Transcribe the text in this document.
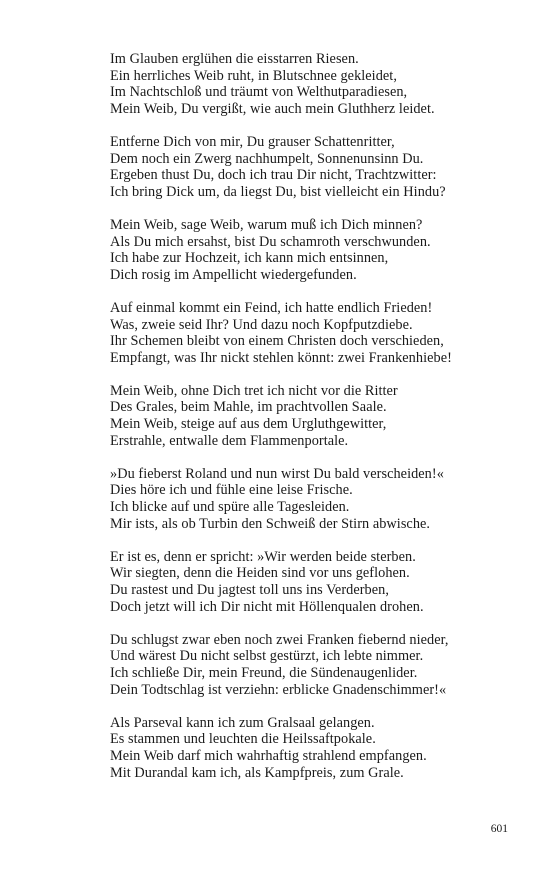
Im Glauben erglühen die eisstarren Riesen.
Ein herrliches Weib ruht, in Blutschnee gekleidet,
Im Nachtschloß und träumt von Welthutparadiesen,
Mein Weib, Du vergißt, wie auch mein Gluthherz leidet.
Entferne Dich von mir, Du grauser Schattenritter,
Dem noch ein Zwerg nachhumpelt, Sonnenunsinn Du.
Ergeben thust Du, doch ich trau Dir nicht, Trachtzwitter:
Ich bring Dick um, da liegst Du, bist vielleicht ein Hindu?
Mein Weib, sage Weib, warum muß ich Dich minnen?
Als Du mich ersahst, bist Du schamroth verschwunden.
Ich habe zur Hochzeit, ich kann mich entsinnen,
Dich rosig im Ampellicht wiedergefunden.
Auf einmal kommt ein Feind, ich hatte endlich Frieden!
Was, zweie seid Ihr? Und dazu noch Kopfputzdiebe.
Ihr Schemen bleibt von einem Christen doch verschieden,
Empfangt, was Ihr nickt stehlen könnt: zwei Frankenhiebe!
Mein Weib, ohne Dich tret ich nicht vor die Ritter
Des Grales, beim Mahle, im prachtvollen Saale.
Mein Weib, steige auf aus dem Urgluthgewitter,
Erstrahle, entwalle dem Flammenportale.
»Du fieberst Roland und nun wirst Du bald verscheiden!«
Dies höre ich und fühle eine leise Frische.
Ich blicke auf und spüre alle Tagesleiden.
Mir ists, als ob Turbin den Schweiß der Stirn abwische.
Er ist es, denn er spricht: »Wir werden beide sterben.
Wir siegten, denn die Heiden sind vor uns geflohen.
Du rastest und Du jagtest toll uns ins Verderben,
Doch jetzt will ich Dir nicht mit Höllenqualen drohen.
Du schlugst zwar eben noch zwei Franken fiebernd nieder,
Und wärest Du nicht selbst gestürzt, ich lebte nimmer.
Ich schließe Dir, mein Freund, die Sündenaugenlider.
Dein Todtschlag ist verziehn: erblicke Gnadenschimmer!«
Als Parseval kann ich zum Gralsaal gelangen.
Es stammen und leuchten die Heilssaftpokale.
Mein Weib darf mich wahrhaftig strahlend empfangen.
Mit Durandal kam ich, als Kampfpreis, zum Grale.
601
